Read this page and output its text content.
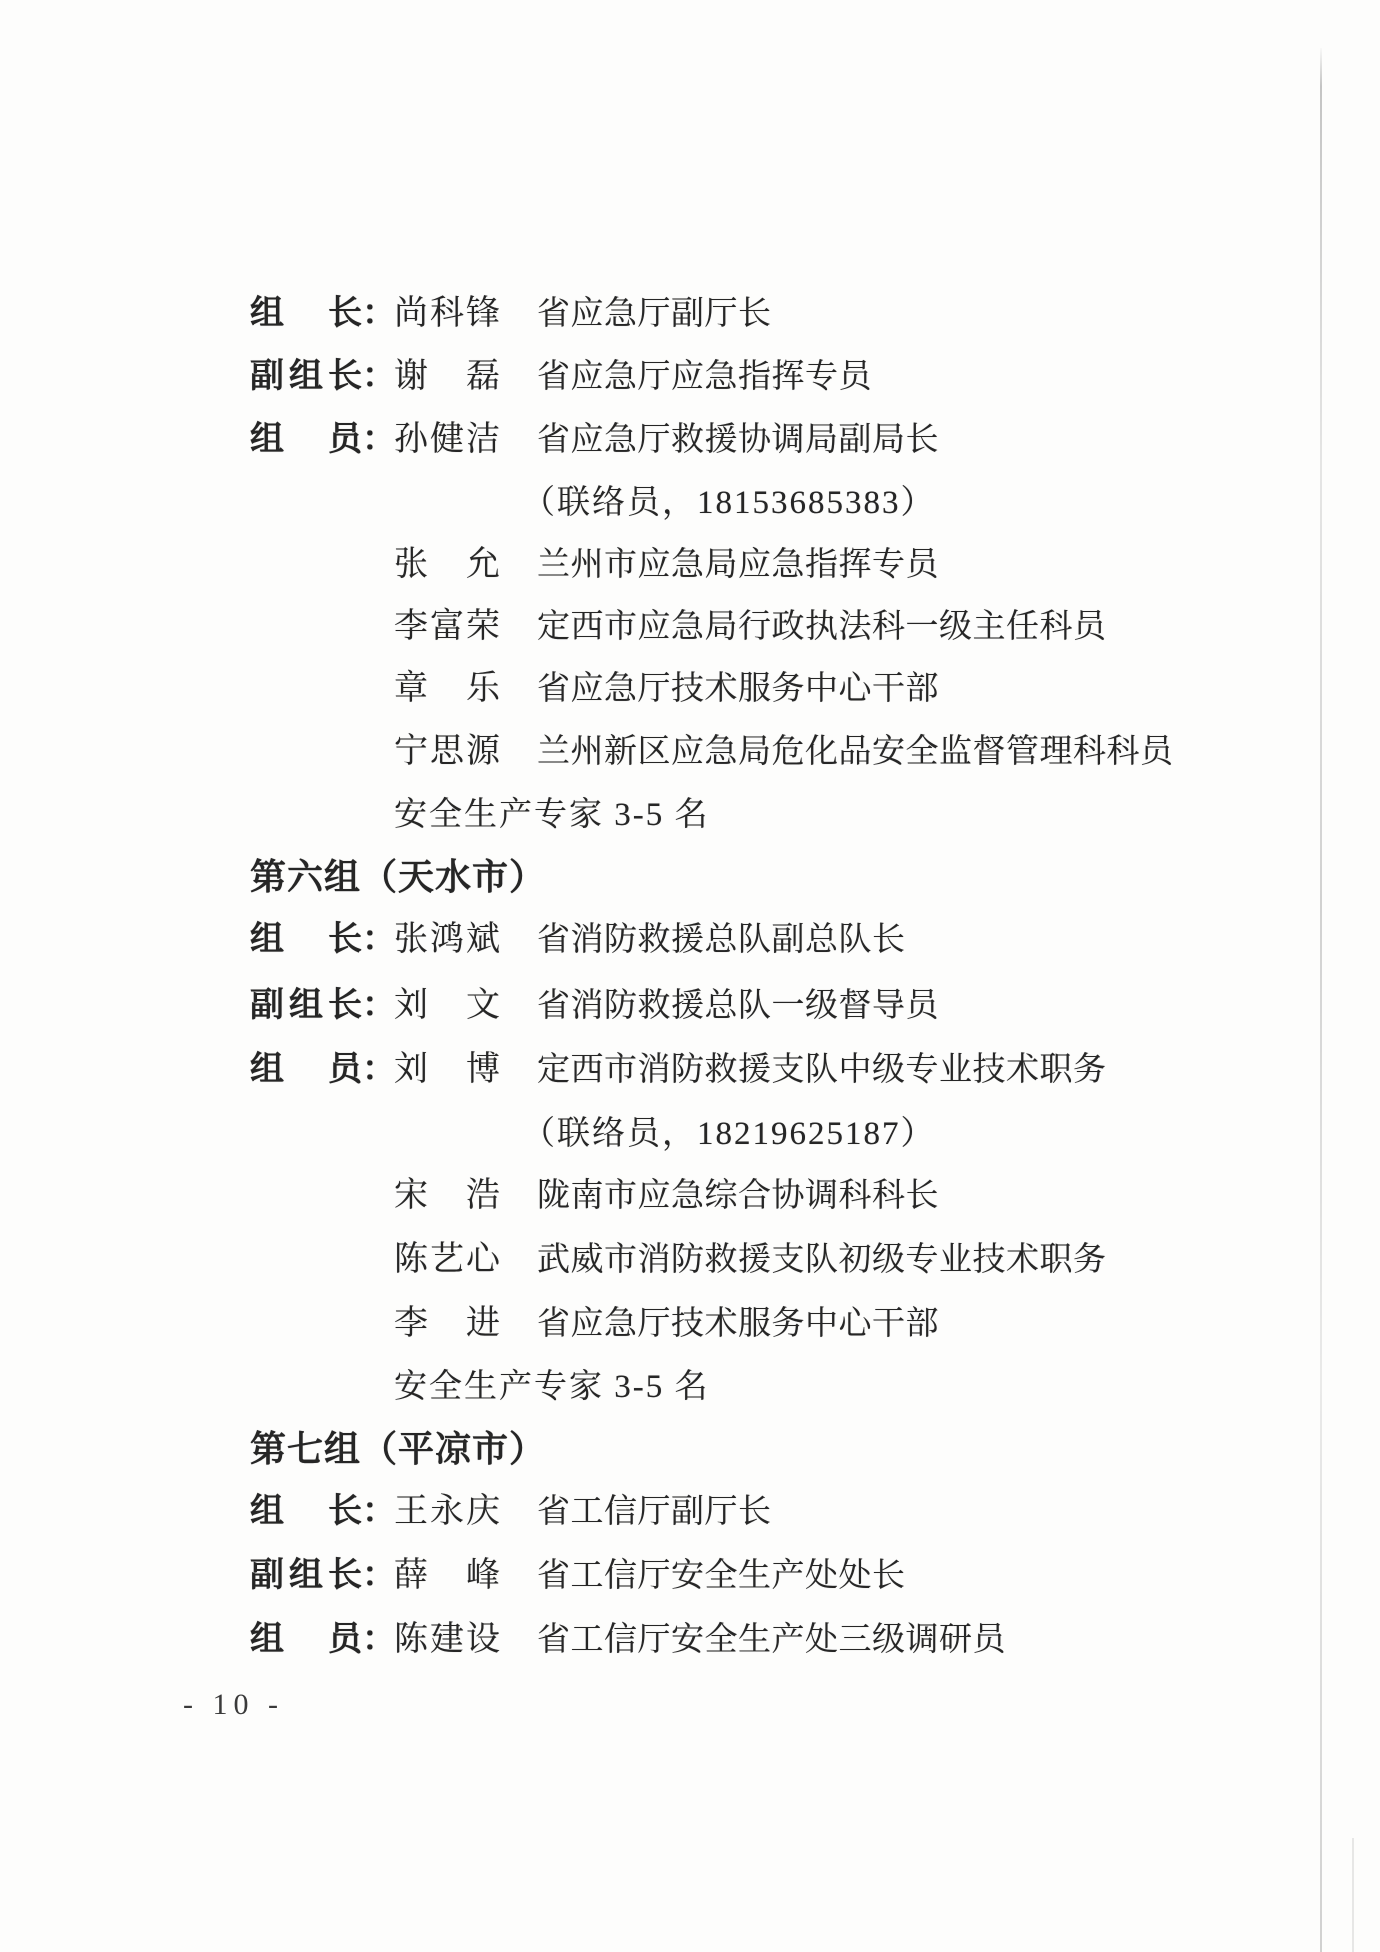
组长 ：
尚科锋 省应急厅副厅长
副组长 ：
谢磊 省应急厅应急指挥专员
组员 ：
孙健洁 省应急厅救援协调局副局长
（联络员，18153685383）
张允 兰州市应急局应急指挥专员
李富荣 定西市应急局行政执法科一级主任科员
章乐 省应急厅技术服务中心干部
宁思源 兰州新区应急局危化品安全监督管理科科员
安全生产专家 3-5 名
第六组（天水市）
组长 ：
张鸿斌 省消防救援总队副总队长
副组长 ：
刘文 省消防救援总队一级督导员
组员 ：
刘博 定西市消防救援支队中级专业技术职务
（联络员，18219625187）
宋浩 陇南市应急综合协调科科长
陈艺心 武威市消防救援支队初级专业技术职务
李进 省应急厅技术服务中心干部
安全生产专家 3-5 名
第七组（平凉市）
组长 ：
王永庆 省工信厅副厅长
副组长 ：
薛峰 省工信厅安全生产处处长
组员 ：
陈建设 省工信厅安全生产处三级调研员
- 10 -
